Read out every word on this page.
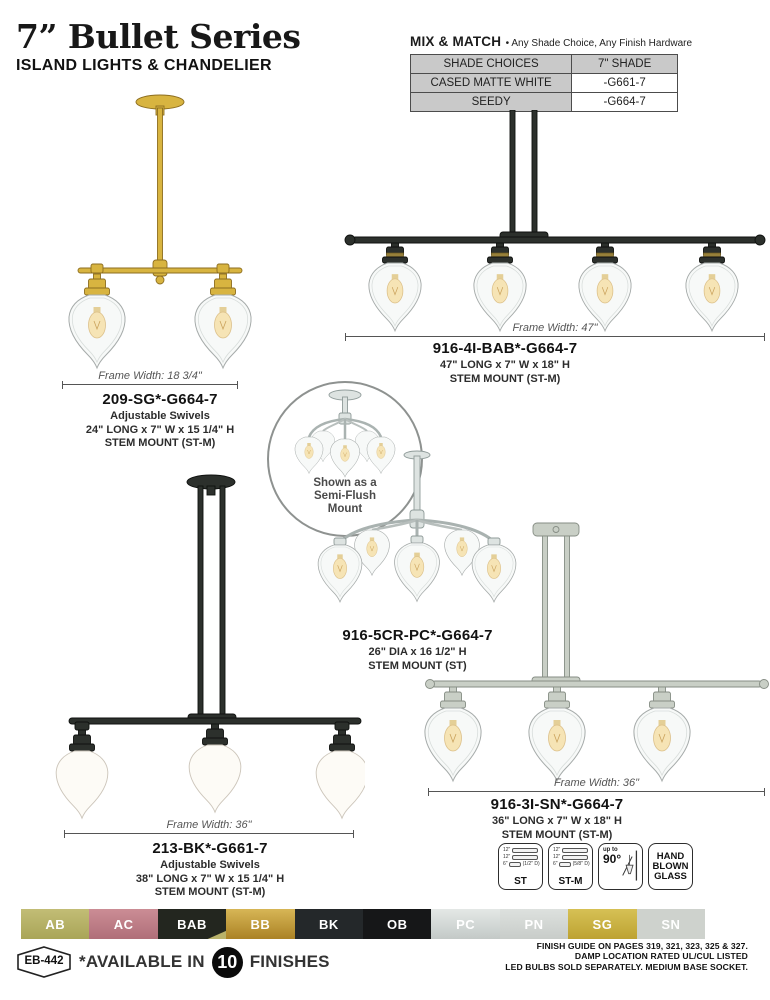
7” Bullet Series
ISLAND LIGHTS & CHANDELIER
MIX & MATCH • Any Shade Choice, Any Finish Hardware
SHADE CHOICES	7" SHADE
CASED MATTE WHITE	-G661-7
SEEDY	-G664-7
Shown as a
Semi-Flush
Mount
Frame Width: 18 3/4"
Frame Width: 47"
Frame Width: 36"
Frame Width: 36"
209-SG*-G664-7
Adjustable Swivels
24" LONG x 7" W x 15 1/4" H
STEM MOUNT (ST-M)
916-4I-BAB*-G664-7
47" LONG x 7" W x 18" H
STEM MOUNT (ST-M)
916-5CR-PC*-G664-7
26" DIA x 16 1/2" H
STEM MOUNT (ST)
916-3I-SN*-G664-7
36" LONG x 7" W x 18" H
STEM MOUNT (ST-M)
213-BK*-G661-7
Adjustable Swivels
38" LONG x 7" W x 15 1/4" H
STEM MOUNT (ST-M)
12"
12"
6"	(1/2" D)
ST
12"
12"
6"	(5/8" D)
ST-M
up to
90°	HAND
BLOWN
GLASS
AB	AC	BAB	BB	BK	OB	PC	PN	SG	SN
EB-442 *AVAILABLE IN 10 FINISHES
FINISH GUIDE ON PAGES 319, 321, 323, 325 & 327.
DAMP LOCATION RATED UL/CUL LISTED
LED BULBS SOLD SEPARATELY. MEDIUM BASE SOCKET.
